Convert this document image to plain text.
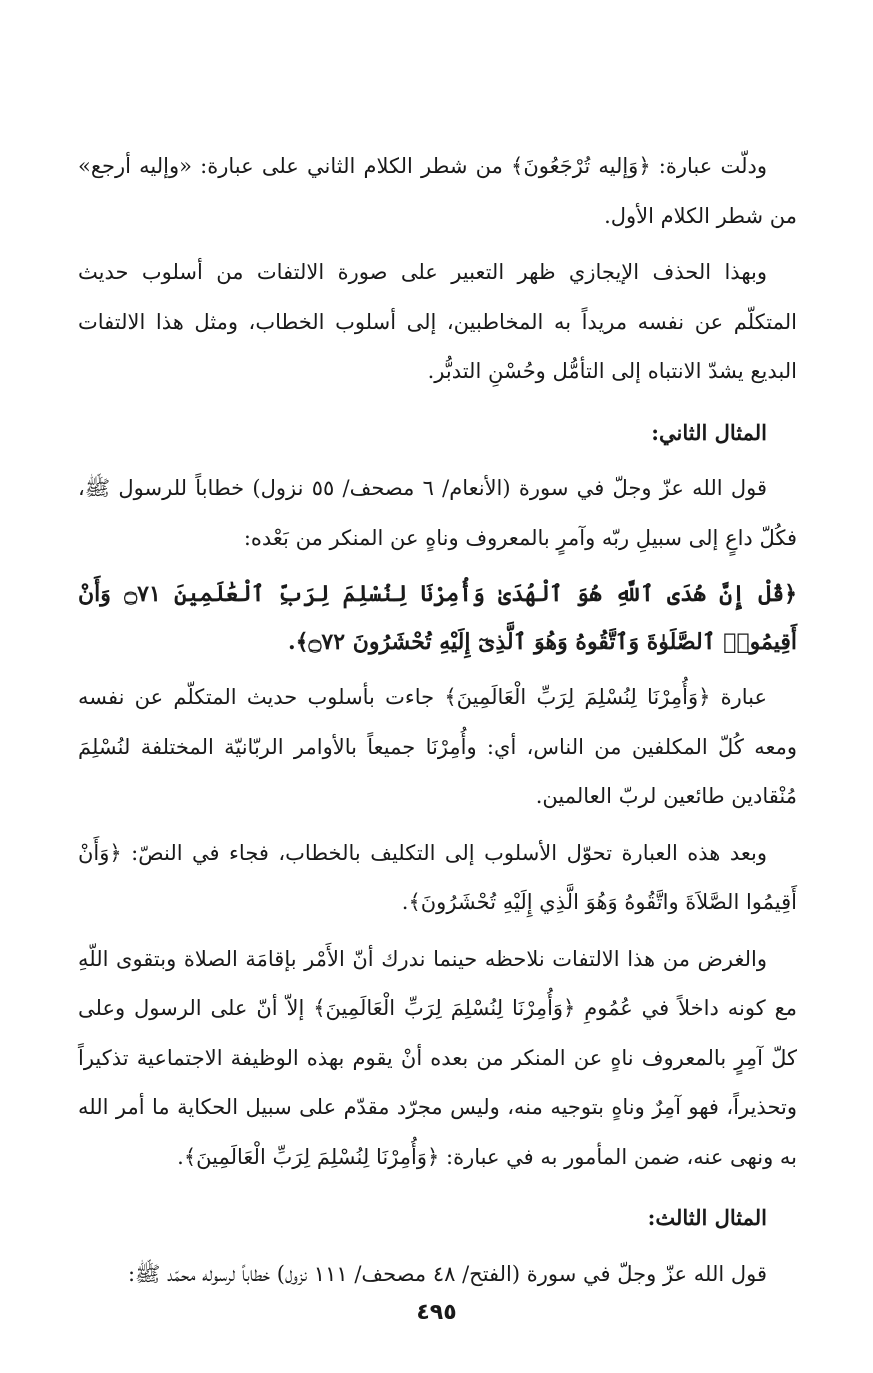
ودلّت عبارة: ﴿وَإليه تُرْجَعُونَ﴾ من شطر الكلام الثاني على عبارة: «وإليه أرجع» من شطر الكلام الأول.

وبهذا الحذف الإيجازي ظهر التعبير على صورة الالتفات من أسلوب حديث المتكلّم عن نفسه مريداً به المخاطبين، إلى أسلوب الخطاب، ومثل هذا الالتفات البديع يشدّ الانتباه إلى التأمُّل وحُسْنِ التدبُّر.

المثال الثاني:

قول الله عزّ وجلّ في سورة (الأنعام/ ٦ مصحف/ ٥٥ نزول) خطاباً للرسول ﷺ، فكُلّ داعٍ إلى سبيلِ ربّه وآمرٍ بالمعروف وناهٍ عن المنكر من بَعْده:

﴿قُلْ إِنَّ هُدَى ٱللَّهِ هُوَ ٱلْهُدَىٰ وَأُمِرْنَا لِنُسْلِمَ لِرَبِّ ٱلْعَٰلَمِينَ ۝٧١ وَأَنْ أَقِيمُوا۟ ٱلصَّلَوٰةَ وَٱتَّقُوهُ وَهُوَ ٱلَّذِىٓ إِلَيْهِ تُحْشَرُونَ ۝٧٢﴾.

عبارة ﴿وَأُمِرْنَا لِنُسْلِمَ لِرَبِّ الْعَالَمِينَ﴾ جاءت بأسلوب حديث المتكلّم عن نفسه ومعه كُلّ المكلفين من الناس، أي: وأُمِرْنَا جميعاً بالأوامر الربّانيّة المختلفة لنُسْلِمَ مُنْقادين طائعين لربّ العالمين.

وبعد هذه العبارة تحوّل الأسلوب إلى التكليف بالخطاب، فجاء في النصّ: ﴿وَأَنْ أَقِيمُوا الصَّلاَةَ واتَّقُوهُ وَهُوَ الَّذِي إِلَيْهِ تُحْشَرُونَ﴾.

والغرض من هذا الالتفات نلاحظه حينما ندرك أنّ الأَمْر بإقامَة الصلاة وبتقوى اللّهِ مع كونه داخلاً في عُمُومِ ﴿وَأُمِرْنَا لِنُسْلِمَ لِرَبِّ الْعَالَمِينَ﴾ إلاّ أنّ على الرسول وعلى كلّ آمِرٍ بالمعروف ناهٍ عن المنكر من بعده أنْ يقوم بهذه الوظيفة الاجتماعية تذكيراً وتحذيراً، فهو آمِرٌ وناهٍ بتوجيه منه، وليس مجرّد مقدّم على سبيل الحكاية ما أمر الله به ونهى عنه، ضمن المأمور به في عبارة: ﴿وَأُمِرْنَا لِنُسْلِمَ لِرَبِّ الْعَالَمِينَ﴾.

المثال الثالث:

قول الله عزّ وجلّ في سورة (الفتح/ ٤٨ مصحف/ ١١١ نزول) خطاباً لرسوله محمّد ﷺ:

٤٩٥
